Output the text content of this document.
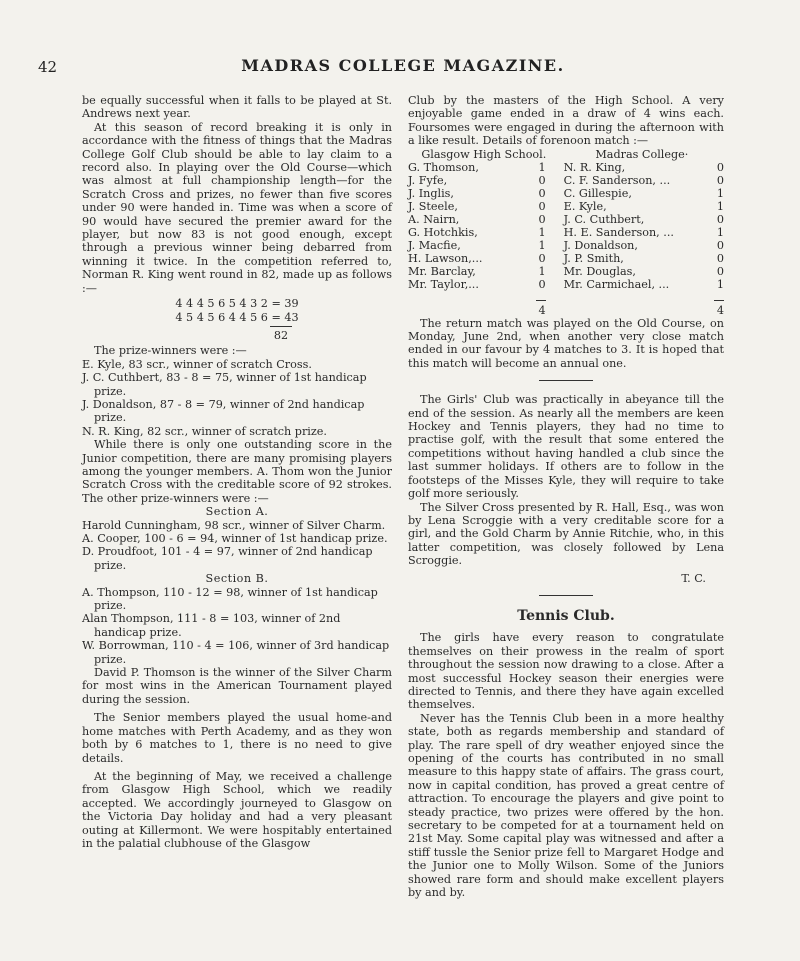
42	MADRAS COLLEGE MAGAZINE.

be equally successful when it falls to be played at St. Andrews next year.

At this season of record breaking it is only in accordance with the fitness of things that the Madras College Golf Club should be able to lay claim to a record also. In playing over the Old Course—which was almost at full championship length—for the Scratch Cross and prizes, no fewer than five scores under 90 were handed in. Time was when a score of 90 would have secured the premier award for the player, but now 83 is not good enough, except through a previous winner being debarred from winning it twice. In the competition referred to, Norman R. King went round in 82, made up as follows :—

4 4 4 5 6 5 4 3 2 = 39
4 5 4 5 6 4 4 5 6 = 43
82

The prize-winners were :—

E. Kyle, 83 scr., winner of scratch Cross.

J. C. Cuthbert, 83 - 8 = 75, winner of 1st handicap prize.

J. Donaldson, 87 - 8 = 79, winner of 2nd handicap prize.

N. R. King, 82 scr., winner of scratch prize.

While there is only one outstanding score in the Junior competition, there are many promising players among the younger members. A. Thom won the Junior Scratch Cross with the creditable score of 92 strokes. The other prize-winners were :—

Section A.

Harold Cunningham, 98 scr., winner of Silver Charm.

A. Cooper, 100 - 6 = 94, winner of 1st handicap prize.

D. Proudfoot, 101 - 4 = 97, winner of 2nd handicap prize.

Section B.

A. Thompson, 110 - 12 = 98, winner of 1st handicap prize.

Alan Thompson, 111 - 8 = 103, winner of 2nd handicap prize.

W. Borrowman, 110 - 4 = 106, winner of 3rd handicap prize.

David P. Thomson is the winner of the Silver Charm for most wins in the American Tournament played during the session.

The Senior members played the usual home-and home matches with Perth Academy, and as they won both by 6 matches to 1, there is no need to give details.

At the beginning of May, we received a challenge from Glasgow High School, which we readily accepted. We accordingly journeyed to Glasgow on the Victoria Day holiday and had a very pleasant outing at Killermont. We were hospitably entertained in the palatial clubhouse of the Glasgow

Club by the masters of the High School. A very enjoyable game ended in a draw of 4 wins each. Foursomes were engaged in during the afternoon with a like result. Details of forenoon match :—

Glasgow High School.		Madras College·	
G. Thomson,	1	N. R. King,	0
J. Fyfe,	0	C. F. Sanderson, ...	0
J. Inglis,	0	C. Gillespie,	1
J. Steele,	0	E. Kyle,	1
A. Nairn,	0	J. C. Cuthbert,	0
G. Hotchkis,	1	H. E. Sanderson, ...	1
J. Macfie,	1	J. Donaldson,	0
H. Lawson,...	0	J. P. Smith,	0
Mr. Barclay,	1	Mr. Douglas,	0
Mr. Taylor,...	0	Mr. Carmichael, ...	1

	4		4

The return match was played on the Old Course, on Monday, June 2nd, when another very close match ended in our favour by 4 matches to 3. It is hoped that this match will become an annual one.

The Girls' Club was practically in abeyance till the end of the session. As nearly all the members are keen Hockey and Tennis players, they had no time to practise golf, with the result that some entered the competitions without having handled a club since the last summer holidays. If others are to follow in the footsteps of the Misses Kyle, they will require to take golf more seriously.

The Silver Cross presented by R. Hall, Esq., was won by Lena Scroggie with a very creditable score for a girl, and the Gold Charm by Annie Ritchie, who, in this latter competition, was closely followed by Lena Scroggie.

T. C.
Tennis Club.

The girls have every reason to congratulate themselves on their prowess in the realm of sport throughout the session now drawing to a close. After a most successful Hockey season their energies were directed to Tennis, and there they have again excelled themselves.

Never has the Tennis Club been in a more healthy state, both as regards membership and standard of play. The rare spell of dry weather enjoyed since the opening of the courts has contributed in no small measure to this happy state of affairs. The grass court, now in capital condition, has proved a great centre of attraction. To encourage the players and give point to steady practice, two prizes were offered by the hon. secretary to be competed for at a tournament held on 21st May. Some capital play was witnessed and after a stiff tussle the Senior prize fell to Margaret Hodge and the Junior one to Molly Wilson. Some of the Juniors showed rare form and should make excellent players by and by.
